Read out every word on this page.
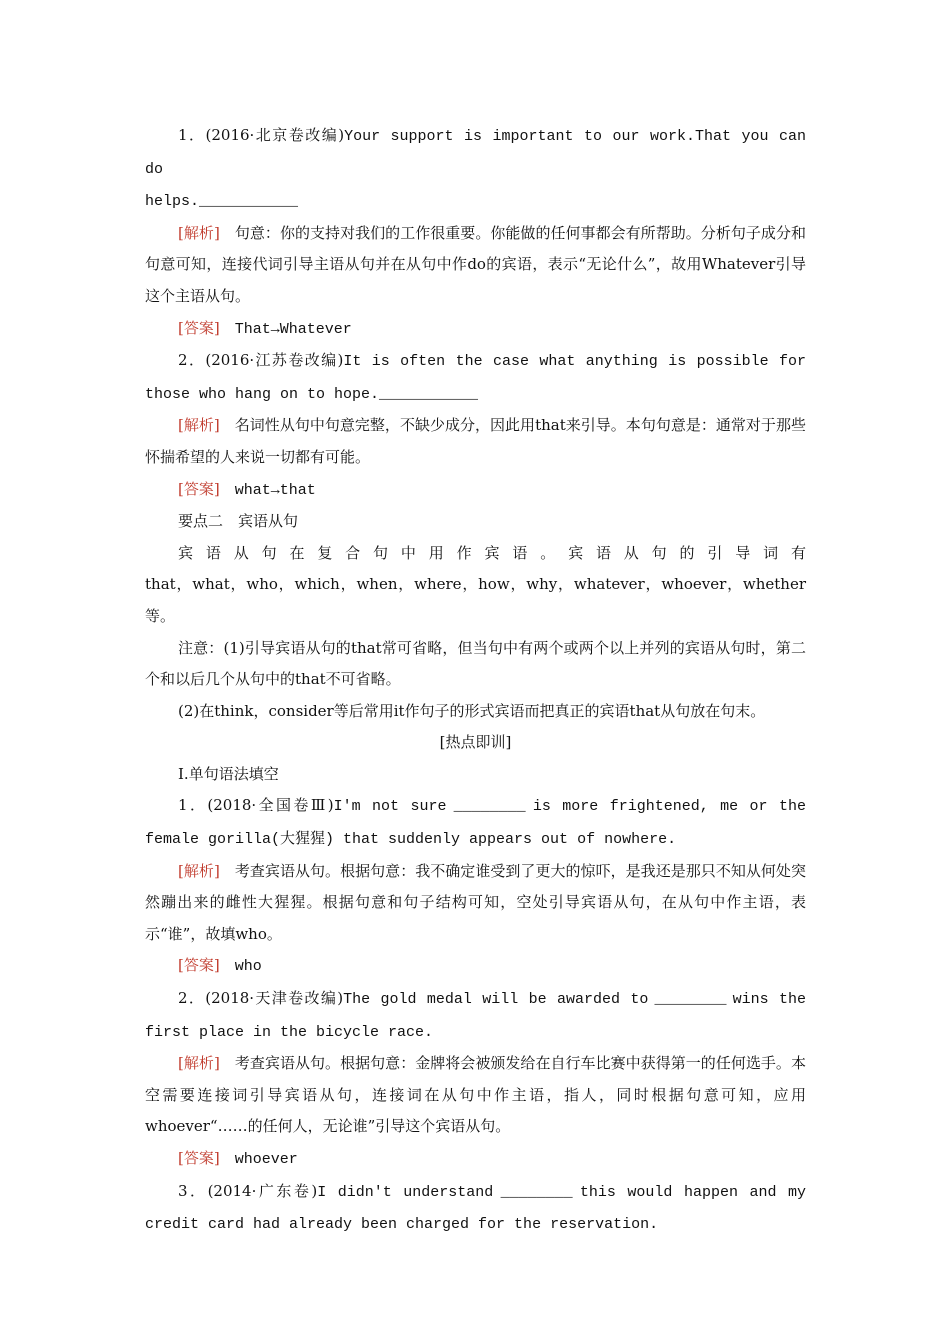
1．(2016·北京卷改编)Your support is important to our work.That you can do

helps.___________

[解析]　 句意：你的支持对我们的工作很重要。你能做的任何事都会有所帮助。分析句子成分和句意可知，连接代词引导主语从句并在从句中作do的宾语，表示“无论什么”，故用Whatever引导这个主语从句。

[答案]　 That→Whatever

2．(2016·江苏卷改编)It is often the case what anything is possible for

those who hang on to hope.___________

[解析]　 名词性从句中句意完整，不缺少成分，因此用that来引导。本句句意是：通常对于那些怀揣希望的人来说一切都有可能。

[答案]　 what→that

要点二　宾语从句

宾语从句在复合句中用作宾语。宾语从句的引导词有

that，what，who，which，when，where，how，why，whatever，whoever，whether等。

注意：(1)引导宾语从句的that常可省略，但当句中有两个或两个以上并列的宾语从句时，第二个和以后几个从句中的that不可省略。

(2)在think，consider等后常用it作句子的形式宾语而把真正的宾语that从句放在句末。

[热点即训]

Ⅰ.单句语法填空

1．(2018·全国卷Ⅲ)I'm not sure ________ is more frightened, me or the

female gorilla(大猩猩) that suddenly appears out of nowhere.

[解析]　 考查宾语从句。根据句意：我不确定谁受到了更大的惊吓，是我还是那只不知从何处突然蹦出来的雌性大猩猩。根据句意和句子结构可知，空处引导宾语从句，在从句中作主语，表示“谁”，故填who。

[答案]　 who

2．(2018·天津卷改编)The gold medal will be awarded to ________ wins the

first place in the bicycle race.

[解析]　 考查宾语从句。根据句意：金牌将会被颁发给在自行车比赛中获得第一的任何选手。本空需要连接词引导宾语从句，连接词在从句中作主语，指人，同时根据句意可知，应用whoever“……的任何人，无论谁”引导这个宾语从句。

[答案]　 whoever

3．(2014·广东卷)I didn't understand ________ this would happen and my

credit card had already been charged for the reservation.
